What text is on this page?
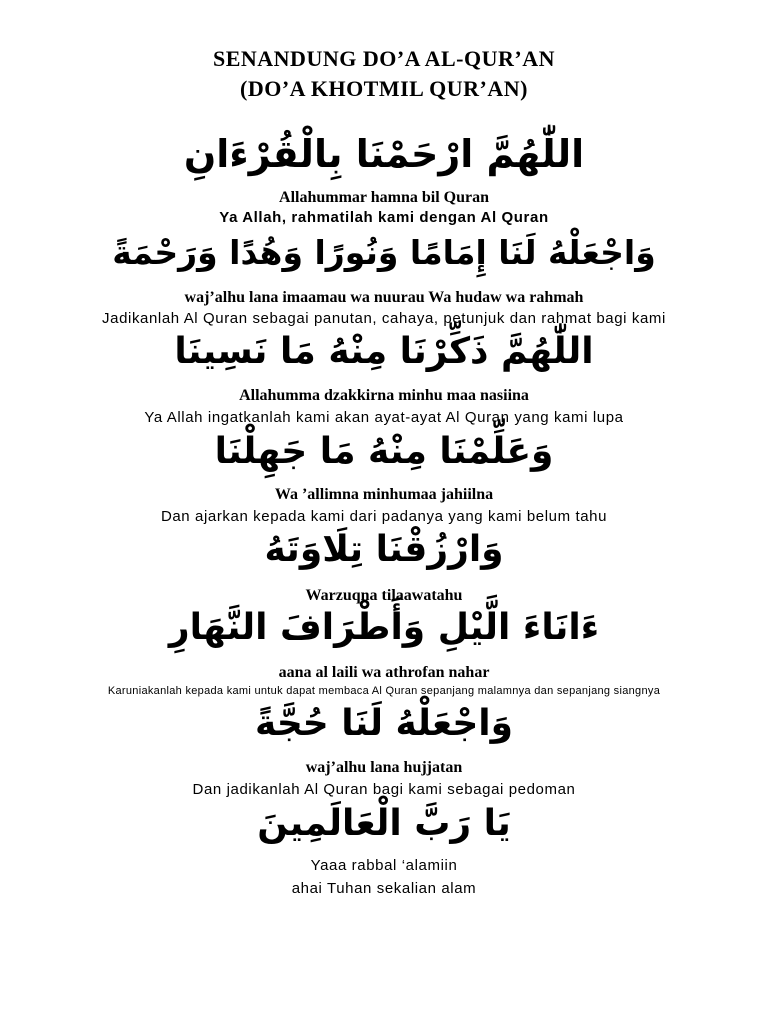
SENANDUNG DO’A AL-QUR’AN
(DO’A KHOTMIL QUR’AN)
اللّٰهُمَّ ارْحَمْنَا بِالْقُرْءَانِ
Allahummar hamna bil Quran
Ya Allah, rahmatilah kami dengan Al Quran
وَاجْعَلْهُ لَنَا إِمَامًا وَنُورًا وَهُدًا وَرَحْمَةً
waj’alhu lana imaamau wa nuurau Wa hudaw wa rahmah
Jadikanlah Al Quran sebagai panutan, cahaya, petunjuk dan rahmat bagi kami
اللّٰهُمَّ ذَكِّرْنَا مِنْهُ مَا نَسِينَا
Allahumma dzakkirna minhu maa nasiina
Ya Allah ingatkanlah kami akan ayat-ayat Al Quran yang kami lupa
وَعَلِّمْنَا مِنْهُ مَا جَهِلْنَا
Wa ’allimna minhumaa jahiilna
Dan ajarkan kepada kami dari padanya yang kami belum tahu
وَارْزُقْنَا تِلَاوَتَهُ
Warzuqna tilaawatahu
ءَانَاءَ الَّيْلِ وَأَطْرَافَ النَّهَارِ
aana al laili wa athrofan nahar
Karuniakanlah kepada kami untuk dapat membaca Al Quran sepanjang malamnya dan sepanjang siangnya
وَاجْعَلْهُ لَنَا حُجَّةً
waj’alhu lana hujjatan
Dan jadikanlah Al Quran bagi kami sebagai pedoman
يَا رَبَّ الْعَالَمِينَ
Yaaa rabbal ‘alamiin
ahai Tuhan sekalian alam
